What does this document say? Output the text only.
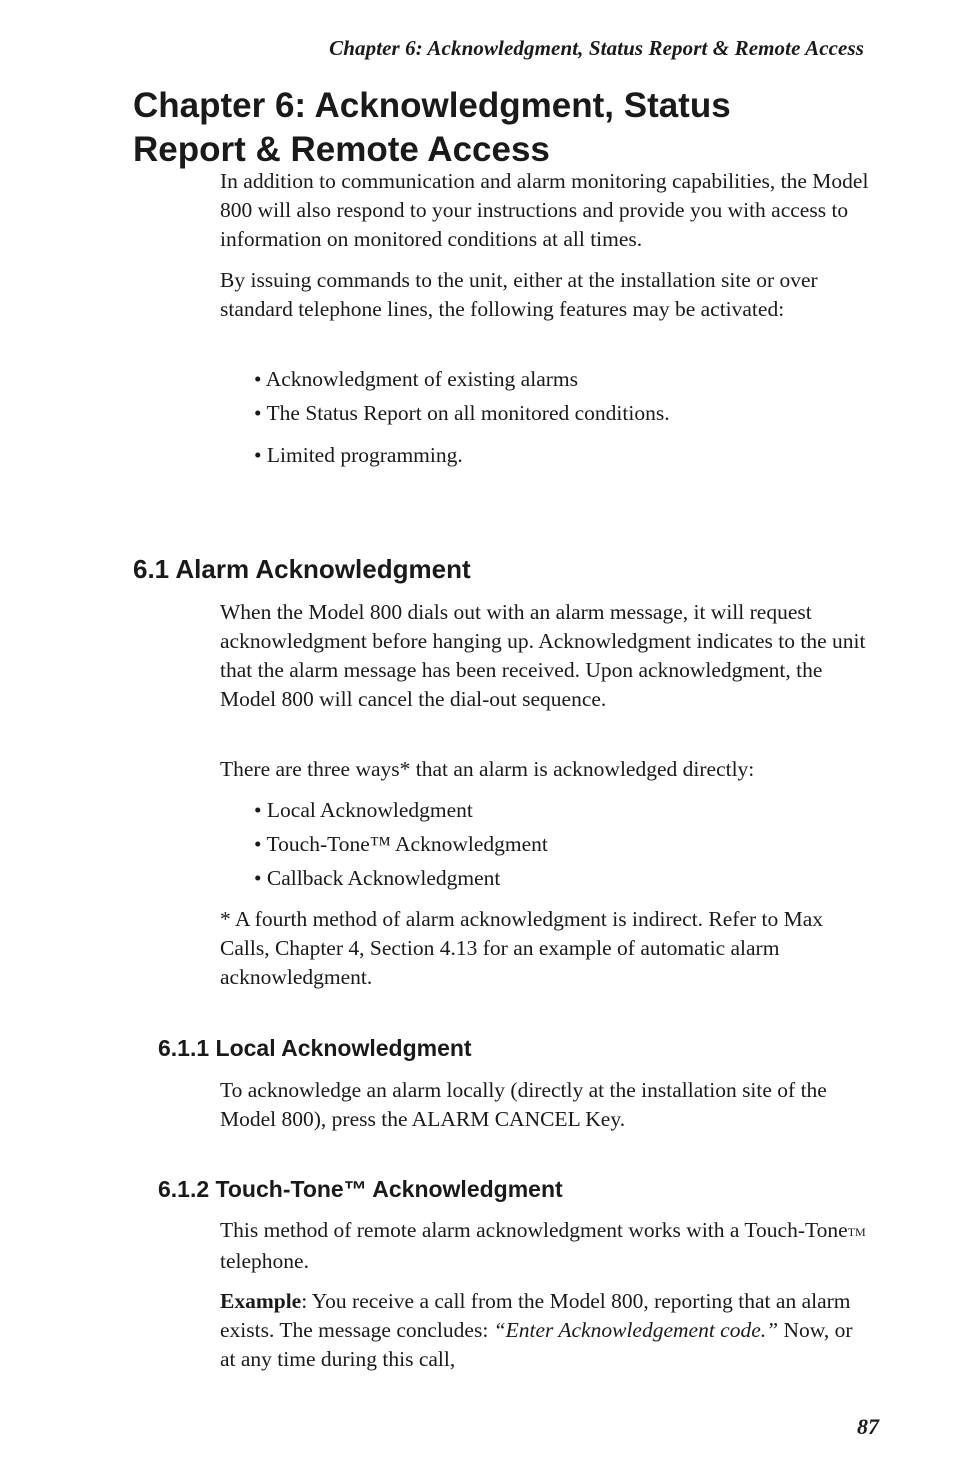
Chapter 6: Acknowledgment, Status Report & Remote Access
Chapter 6: Acknowledgment, Status
Report & Remote Access

In addition to communication and alarm monitoring capabilities, the Model 800 will also respond to your instructions and provide you with access to information on monitored conditions at all times.

By issuing commands to the unit, either at the installation site or over standard telephone lines, the following features may be activated:

• Acknowledgment of existing alarms
• The Status Report on all monitored conditions.
• Limited programming.
6.1 Alarm Acknowledgment

When the Model 800 dials out with an alarm message, it will request acknowledgment before hanging up. Acknowledgment indicates to the unit that the alarm message has been received. Upon acknowledgment, the Model 800 will cancel the dial-out sequence.

There are three ways* that an alarm is acknowledged directly:

• Local Acknowledgment
• Touch-Tone™ Acknowledgment
• Callback Acknowledgment

* A fourth method of alarm acknowledgment is indirect. Refer to Max Calls, Chapter 4, Section 4.13 for an example of automatic alarm acknowledgment.

6.1.1 Local Acknowledgment

To acknowledge an alarm locally (directly at the installation site of the Model 800), press the ALARM CANCEL Key.

6.1.2 Touch-Tone™ Acknowledgment

This method of remote alarm acknowledgment works with a Touch-ToneTM telephone.

Example: You receive a call from the Model 800, reporting that an alarm exists. The message concludes: “Enter Acknowledgement code.” Now, or at any time during this call,

87
